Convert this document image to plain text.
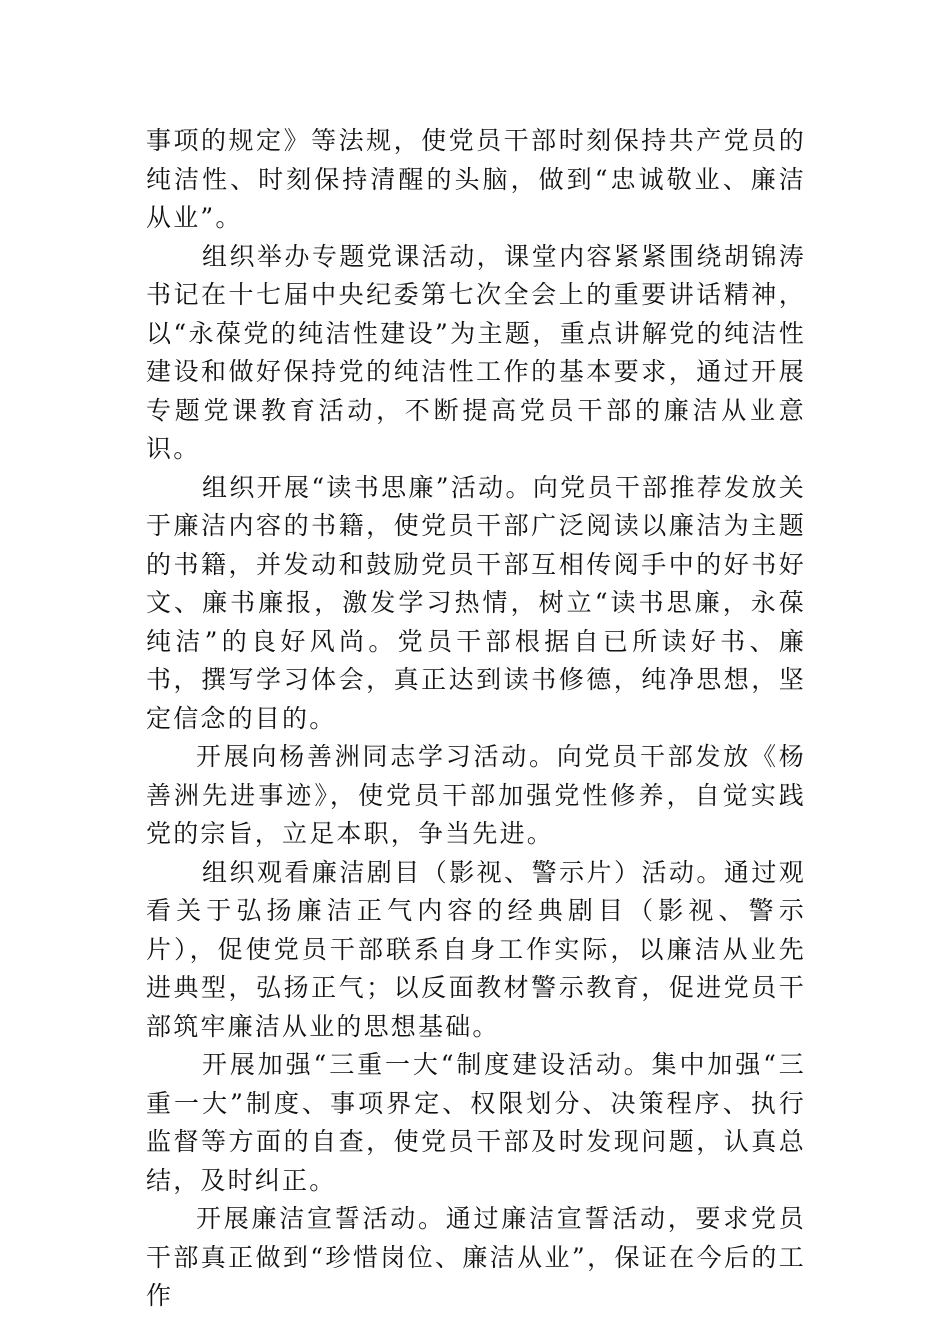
事项的规定》等法规，使党员干部时刻保持共产党员的纯洁性、时刻保持清醒的头脑，做到“忠诚敬业、廉洁从业”。

组织举办专题党课活动，课堂内容紧紧围绕胡锦涛书记在十七届中央纪委第七次全会上的重要讲话精神，以“永葆党的纯洁性建设”为主题，重点讲解党的纯洁性建设和做好保持党的纯洁性工作的基本要求，通过开展专题党课教育活动，不断提高党员干部的廉洁从业意识。

组织开展“读书思廉”活动。向党员干部推荐发放关于廉洁内容的书籍，使党员干部广泛阅读以廉洁为主题的书籍，并发动和鼓励党员干部互相传阅手中的好书好文、廉书廉报，激发学习热情，树立“读书思廉，永葆纯洁”的良好风尚。党员干部根据自已所读好书、廉书，撰写学习体会，真正达到读书修德，纯净思想，坚定信念的目的。

开展向杨善洲同志学习活动。向党员干部发放《杨善洲先进事迹》，使党员干部加强党性修养，自觉实践党的宗旨，立足本职，争当先进。

组织观看廉洁剧目（影视、警示片）活动。通过观看关于弘扬廉洁正气内容的经典剧目（影视、警示片），促使党员干部联系自身工作实际，以廉洁从业先进典型，弘扬正气；以反面教材警示教育，促进党员干部筑牢廉洁从业的思想基础。

开展加强“三重一大“制度建设活动。集中加强“三重一大”制度、事项界定、权限划分、决策程序、执行监督等方面的自查，使党员干部及时发现问题，认真总结，及时纠正。

开展廉洁宣誓活动。通过廉洁宣誓活动，要求党员干部真正做到“珍惜岗位、廉洁从业”，保证在今后的工作
